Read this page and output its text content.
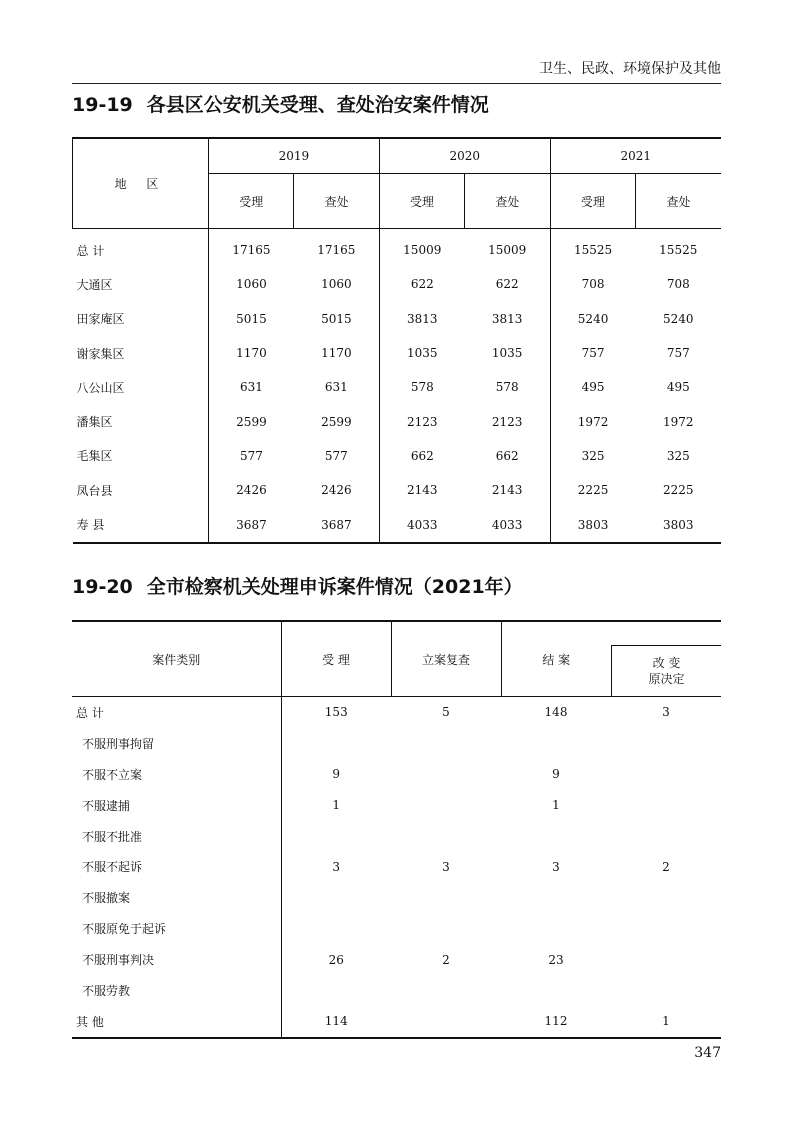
卫生、民政、环境保护及其他
19-19 各县区公安机关受理、查处治安案件情况
地 区	2019		2020		2021	
	受理	查处	受理	查处	受理	查处
总 计	17165	17165	15009	15009	15525	15525
大通区	1060	1060	622	622	708	708
田家庵区	5015	5015	3813	3813	5240	5240
谢家集区	1170	1170	1035	1035	757	757
八公山区	631	631	578	578	495	495
潘集区	2599	2599	2123	2123	1972	1972
毛集区	577	577	662	662	325	325
凤台县	2426	2426	2143	2143	2225	2225
寿 县	3687	3687	4033	4033	3803	3803
19-20 全市检察机关处理申诉案件情况（2021年）
案件类别	受 理	立案复查	结 案	改 变
原决定

总 计	153	5	148	3
不服刑事拘留				
不服不立案	9		9	
不服逮捕	1		1	
不服不批准				
不服不起诉	3	3	3	2
不服撤案				
不服原免于起诉				
不服刑事判决	26	2	23	
不服劳教				
其 他	114		112	1
347
